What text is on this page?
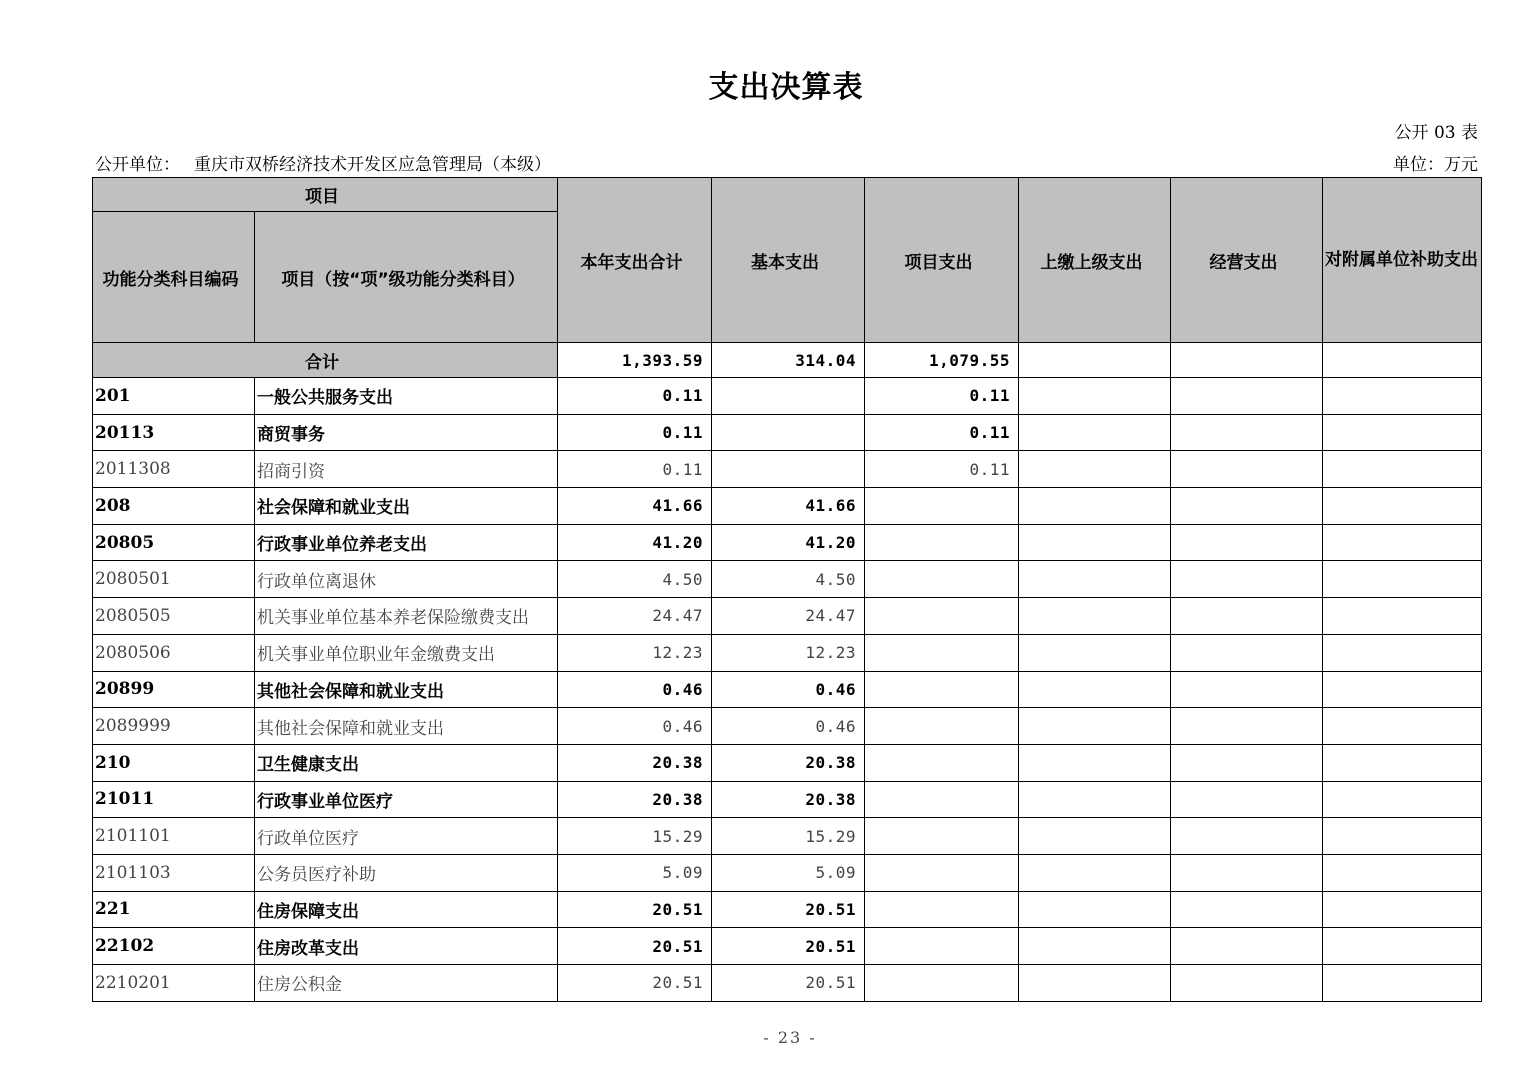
支出决算表
公开 03 表
公开单位： 重庆市双桥经济技术开发区应急管理局（本级）	单位：万元
项目		本年支出合计	基本支出	项目支出	上缴上级支出	经营支出	对附属单位补助支出
功能分类科目编码	项目（按“项”级功能分类科目）						
合计		1,393.59	314.04	1,079.55			
201	一般公共服务支出	0.11		0.11			
20113	商贸事务	0.11		0.11			
2011308	招商引资	0.11		0.11			
208	社会保障和就业支出	41.66	41.66				
20805	行政事业单位养老支出	41.20	41.20				
2080501	行政单位离退休	4.50	4.50				
2080505	机关事业单位基本养老保险缴费支出	24.47	24.47				
2080506	机关事业单位职业年金缴费支出	12.23	12.23				
20899	其他社会保障和就业支出	0.46	0.46				
2089999	其他社会保障和就业支出	0.46	0.46				
210	卫生健康支出	20.38	20.38				
21011	行政事业单位医疗	20.38	20.38				
2101101	行政单位医疗	15.29	15.29				
2101103	公务员医疗补助	5.09	5.09				
221	住房保障支出	20.51	20.51				
22102	住房改革支出	20.51	20.51				
2210201	住房公积金	20.51	20.51				
- 23 -
